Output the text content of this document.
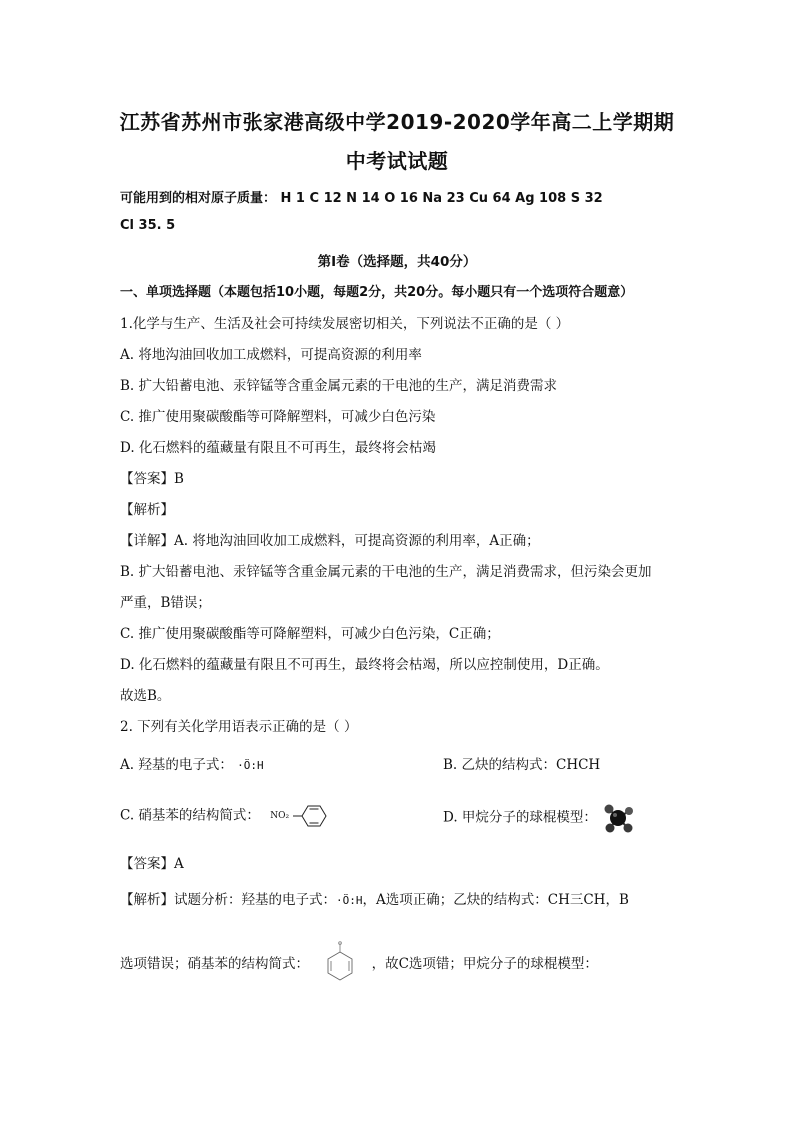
江苏省苏州市张家港高级中学2019-2020学年高二上学期期
中考试试题
可能用到的相对原子质量： H 1 C 12 N 14 O 16 Na 23 Cu 64 Ag 108 S 32
Cl 35. 5
第Ⅰ卷（选择题，共40分）
一、单项选择题（本题包括10小题，每题2分，共20分。每小题只有一个选项符合题意）
1.化学与生产、生活及社会可持续发展密切相关，下列说法不正确的是（ ）
A. 将地沟油回收加工成燃料，可提高资源的利用率
B. 扩大铅蓄电池、汞锌锰等含重金属元素的干电池的生产，满足消费需求
C. 推广使用聚碳酸酯等可降解塑料，可减少白色污染
D. 化石燃料的蕴藏量有限且不可再生，最终将会枯竭
【答案】B
【解析】
【详解】A. 将地沟油回收加工成燃料，可提高资源的利用率，A正确；
B. 扩大铅蓄电池、汞锌锰等含重金属元素的干电池的生产，满足消费需求，但污染会更加
严重，B错误；
C. 推广使用聚碳酸酯等可降解塑料，可减少白色污染，C正确；
D. 化石燃料的蕴藏量有限且不可再生，最终将会枯竭，所以应控制使用，D正确。
故选B。
2. 下列有关化学用语表示正确的是（ ）
A. 羟基的电子式： ·Ö:H	B. 乙炔的结构式：CHCH
C. 硝基苯的结构简式： NO₂	D. 甲烷分子的球棍模型：
【答案】A
【解析】试题分析：羟基的电子式：·Ö:H，A选项正确；乙炔的结构式：CH三CH，B
选项错误；硝基苯的结构简式：	，故C选项错；甲烷分子的球棍模型：
